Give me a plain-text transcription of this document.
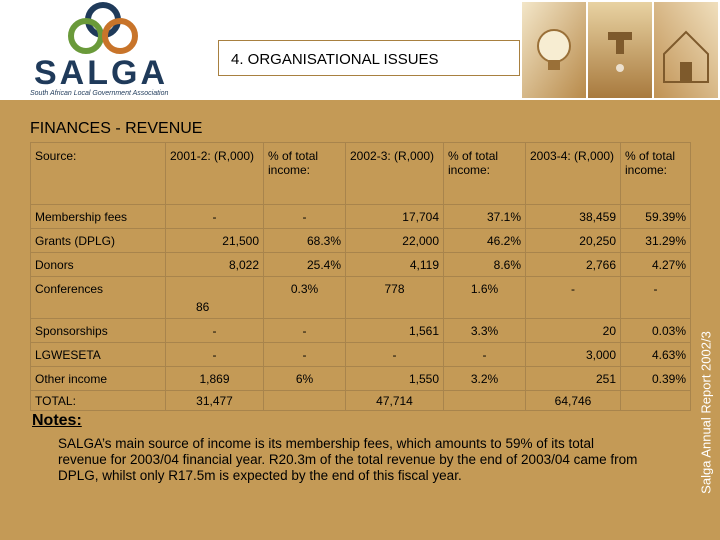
SALGA
South African Local Government Association
4. ORGANISATIONAL ISSUES
FINANCES - REVENUE
Source:	2001-2: (R,000)	% of total income:	2002-3: (R,000)	% of total income:	2003-4: (R,000)	% of total income:
Membership fees	-	-	17,704	37.1%	38,459	59.39%
Grants (DPLG)	21,500	68.3%	22,000	46.2%	20,250	31.29%
Donors	8,022	25.4%	4,119	8.6%	2,766	4.27%
Conferences	86	0.3%	778	1.6%	-	-
Sponsorships	-	-	1,561	3.3%	20	0.03%
LGWESETA	-	-	-	-	3,000	4.63%
Other income	1,869	6%	1,550	3.2%	251	0.39%
TOTAL:	31,477		47,714		64,746	
Notes:
SALGA’s main source of income is its membership fees, which amounts to 59% of its total revenue for 2003/04 financial year. R20.3m of the total revenue by the end of 2003/04 came from DPLG, whilst only R17.5m is expected by the end of this fiscal year.	Salga Annual Report 2002/3
